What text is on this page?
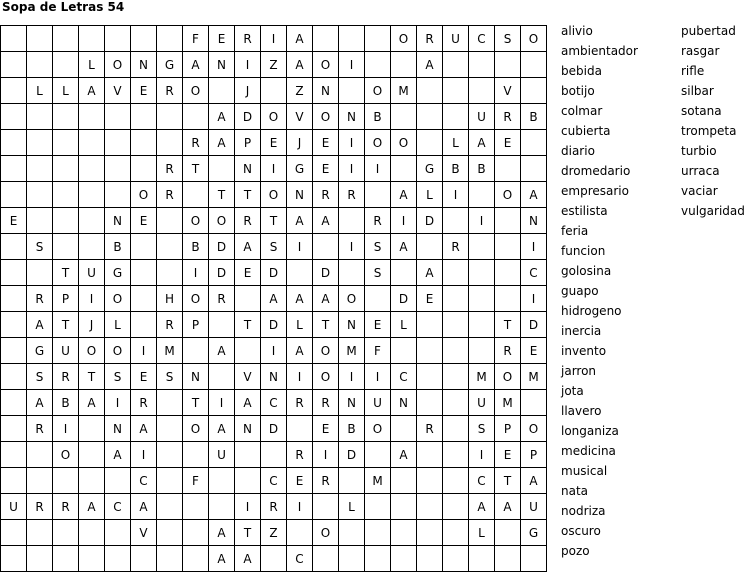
Sopa de Letras 54
							F	E	R	I	A				O	R	U	C	S	O
			L	O	N	G	A	N	I	Z	A	O	I			A				
	L	L	A	V	E	R	O		J		Z	N		O	M				V	
								A	D	O	V	O	N	B				U	R	B
							R	A	P	E	J	E	I	O	O		L	A	E	
						R	T		N	I	G	E	I	I		G	B	B		
					O	R		T	T	O	N	R	R		A	L	I		O	A
E				N	E		O	O	R	T	A	A		R	I	D		I		N
	S			B			B	D	A	S	I		I	S	A		R			I
		T	U	G			I	D	E	D		D		S		A				C
	R	P	I	O		H	O	R		A	A	A	O		D	E				I
	A	T	J	L		R	P		T	D	L	T	N	E	L				T	D
	G	U	O	O	I	M		A		I	A	O	M	F					R	E
	S	R	T	S	E	S	N		V	N	I	O	I	I	C			M	O	M
	A	B	A	I	R		T	I	A	C	R	R	N	U	N			U	M	
	R	I		N	A		O	A	N	D		E	B	O		R		S	P	O
		O		A	I			U			R	I	D		A			I	E	P
					C		F			C	E	R		M				C	T	A
U	R	R	A	C	A				I	R	I		L					A	A	U
					V			A	T	Z		O						L		G
								A	A		C									
alivio
ambientador
bebida
botijo
colmar
cubierta
diario
dromedario
empresario
estilista
feria
funcion
golosina
guapo
hidrogeno
inercia
invento
jarron
jota
llavero
longaniza
medicina
musical
nata
nodriza
oscuro
pozo
pubertad
rasgar
rifle
silbar
sotana
trompeta
turbio
urraca
vaciar
vulgaridad
